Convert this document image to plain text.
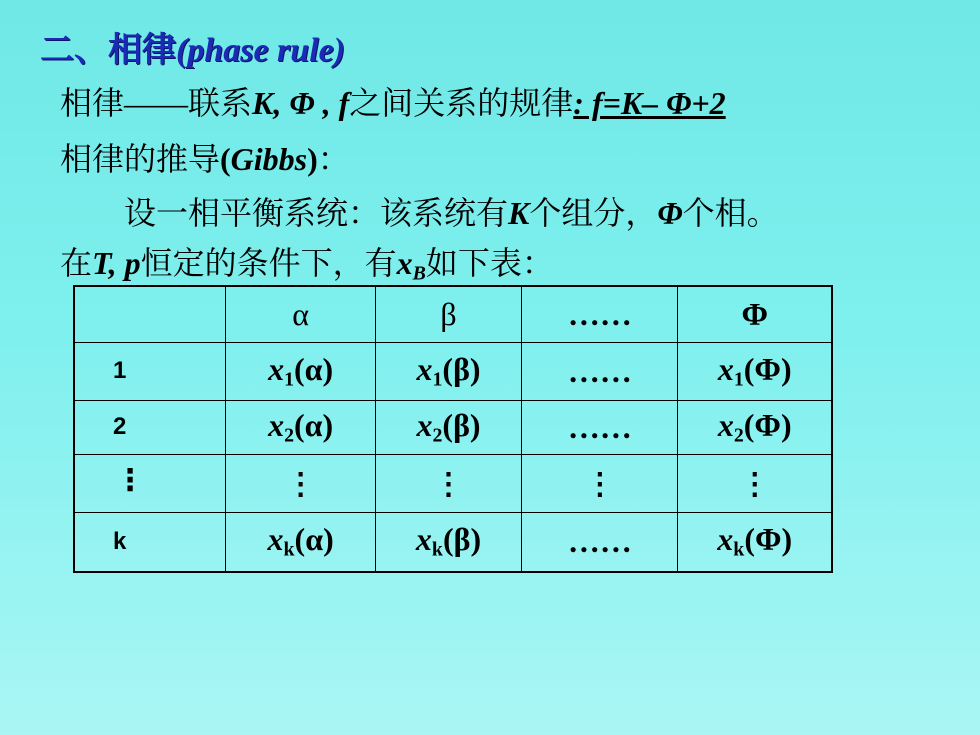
二、相律(phase rule)
相律——联系K, Φ , f之间关系的规律: f=K– Φ+2
相律的推导(Gibbs)：
设一相平衡系统：该系统有K个组分，Φ个相。
在T, p恒定的条件下，有$x_B$如下表：
	α	β	……	Φ
1	$x_1(\alpha)$	$x_1(\beta)$	……	$x_1(\Phi)$
2	$x_2(\alpha)$	$x_2(\beta)$	……	$x_2(\Phi)$
⋮	⋮	⋮	⋮	⋮
k	$x_k(\alpha)$	$x_k(\beta)$	……	$x_k(\Phi)$
